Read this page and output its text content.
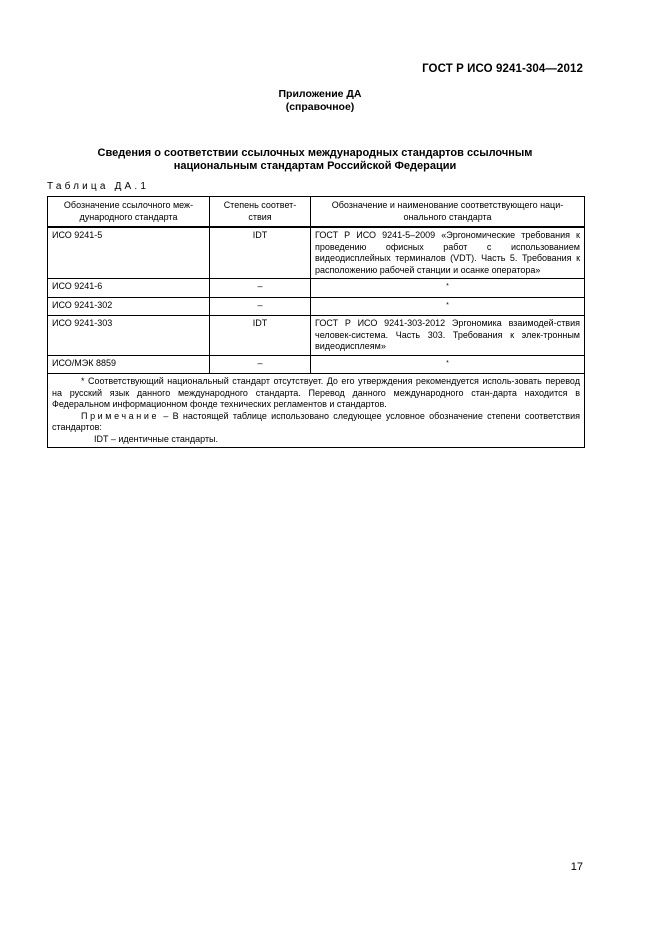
ГОСТ Р ИСО 9241-304—2012
Приложение ДА
(справочное)
Сведения о соответствии ссылочных международных стандартов ссылочным
национальным стандартам Российской Федерации
Таблица ДА.1
Обозначение ссылочного меж-дународного стандарта	Степень соответ-ствия	Обозначение и наименование соответствующего наци-онального стандарта
ИСО 9241-5	IDT	ГОСТ Р ИСО 9241-5–2009 «Эргономические требования к проведению офисных работ с использованием видеодисплейных терминалов (VDT). Часть 5. Требования к расположению рабочей станции и осанке оператора»
ИСО 9241-6	–	*
ИСО 9241-302	–	*
ИСО 9241-303	IDT	ГОСТ Р ИСО 9241-303-2012 Эргономика взаимодей-ствия человек-система. Часть 303. Требования к элек-тронным видеодисплеям»
ИСО/МЭК 8859	–	*

* Соответствующий национальный стандарт отсутствует. До его утверждения рекомендуется исполь-зовать перевод на русский язык данного международного стандарта. Перевод данного международного стан-дарта находится в Федеральном информационном фонде технических регламентов и стандартов.
Примечание – В настоящей таблице использовано следующее условное обозначение степени соответствия стандартов:
IDT – идентичные стандарты.		
17
